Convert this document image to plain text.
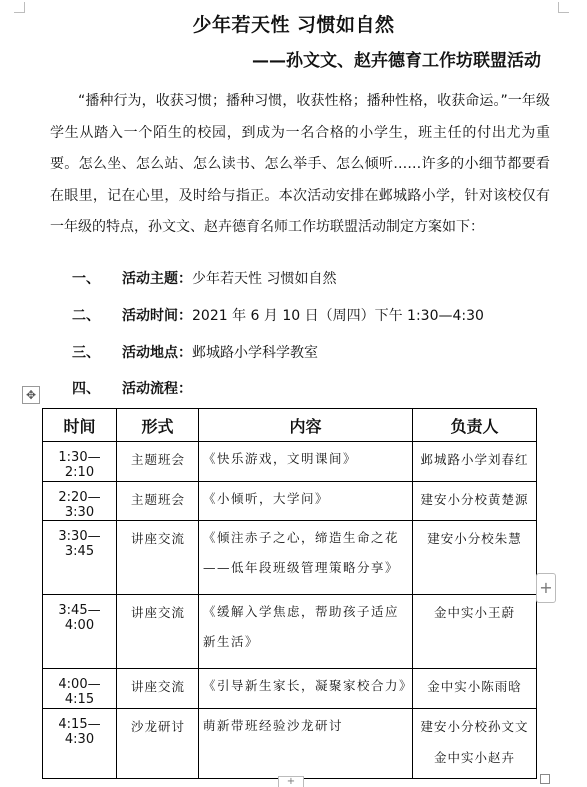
少年若天性 习惯如自然
——孙文文、赵卉德育工作坊联盟活动

“播种行为，收获习惯；播种习惯，收获性格；播种性格，收获命运。”一年级学生从踏入一个陌生的校园，到成为一名合格的小学生，班主任的付出尤为重要。怎么坐、怎么站、怎么读书、怎么举手、怎么倾听……许多的小细节都要看在眼里，记在心里，及时给与指正。本次活动安排在邺城路小学，针对该校仅有一年级的特点，孙文文、赵卉德育名师工作坊联盟活动制定方案如下：

一、	活动主题： 少年若天性 习惯如自然
二、	活动时间： 2021 年 6 月 10 日（周四）下午 1:30—4:30
三、	活动地点： 邺城路小学科学教室
四、	活动流程：
✥
时间	形式	内容	负责人
1:30—2:10	主题班会	《快乐游戏，文明课间》	邺城路小学刘春红

2:20—3:30	主题班会	《小倾听，大学问》	建安小分校黄楚源

3:30—3:45	讲座交流	《倾注赤子之心，缔造生命之花
——低年段班级管理策略分享》	建安小分校朱慧

3:45—4:00	讲座交流	《缓解入学焦虑，帮助孩子适应
新生活》	金中实小王蔚

4:00—4:15	讲座交流	《引导新生家长，凝聚家校合力》	金中实小陈雨晗

4:15—4:30	沙龙研讨	萌新带班经验沙龙研讨	建安小分校孙文文
金中实小赵卉
+
+
